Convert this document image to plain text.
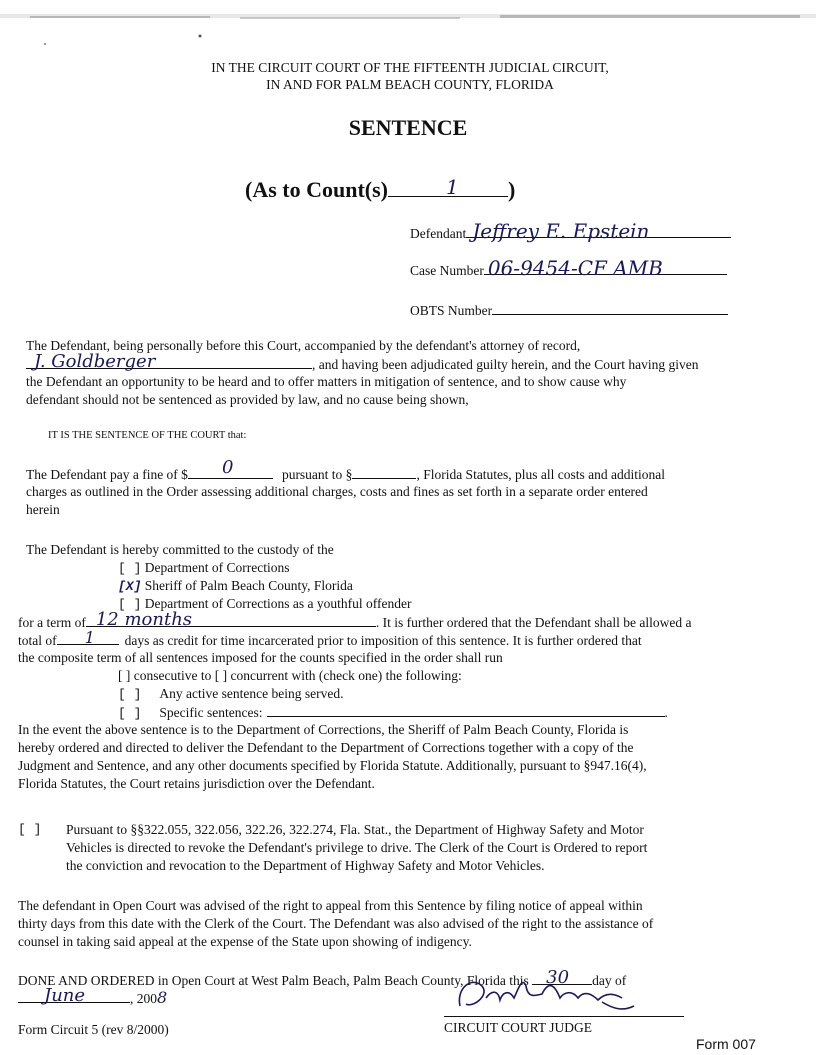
IN THE CIRCUIT COURT OF THE FIFTEENTH JUDICIAL CIRCUIT,
IN AND FOR PALM BEACH COUNTY, FLORIDA
SENTENCE
(As to Count(s)	1 )
Defendant Jeffrey E. Epstein
Case Number 06-9454-CF AMB
OBTS Number
The Defendant, being personally before this Court, accompanied by the defendant's attorney of record,
J. Goldberger	, and having been adjudicated guilty herein, and the Court having given
the Defendant an opportunity to be heard and to offer matters in mitigation of sentence, and to show cause why
defendant should not be sentenced as provided by law, and no cause being shown,
IT IS THE SENTENCE OF THE COURT that:
The Defendant pay a fine of $ 0	pursuant to §	, Florida Statutes, plus all costs and additional
charges as outlined in the Order assessing additional charges, costs and fines as set forth in a separate order entered
herein
The Defendant is hereby committed to the custody of the
[ ] Department of Corrections
[X] Sheriff of Palm Beach County, Florida
[ ] Department of Corrections as a youthful offender
for a term of 12 months	. It is further ordered that the Defendant shall be allowed a
total of 1 days as credit for time incarcerated prior to imposition of this sentence. It is further ordered that
the composite term of all sentences imposed for the counts specified in the order shall run
[ ] consecutive to [ ] concurrent with (check one) the following:
[ ] Any active sentence being served.
[ ] Specific sentences:	.
In the event the above sentence is to the Department of Corrections, the Sheriff of Palm Beach County, Florida is
hereby ordered and directed to deliver the Defendant to the Department of Corrections together with a copy of the
Judgment and Sentence, and any other documents specified by Florida Statute. Additionally, pursuant to §947.16(4),
Florida Statutes, the Court retains jurisdiction over the Defendant.
[ ] Pursuant to §§322.055, 322.056, 322.26, 322.274, Fla. Stat., the Department of Highway Safety and Motor
Vehicles is directed to revoke the Defendant's privilege to drive. The Clerk of the Court is Ordered to report
the conviction and revocation to the Department of Highway Safety and Motor Vehicles.
The defendant in Open Court was advised of the right to appeal from this Sentence by filing notice of appeal within
thirty days from this date with the Clerk of the Court. The Defendant was also advised of the right to the assistance of
counsel in taking said appeal at the expense of the State upon showing of indigency.
DONE AND ORDERED in Open Court at West Palm Beach, Palm Beach County, Florida this 30 day of
June	, 2008
CIRCUIT COURT JUDGE
Form Circuit 5 (rev 8/2000)
Form 007
